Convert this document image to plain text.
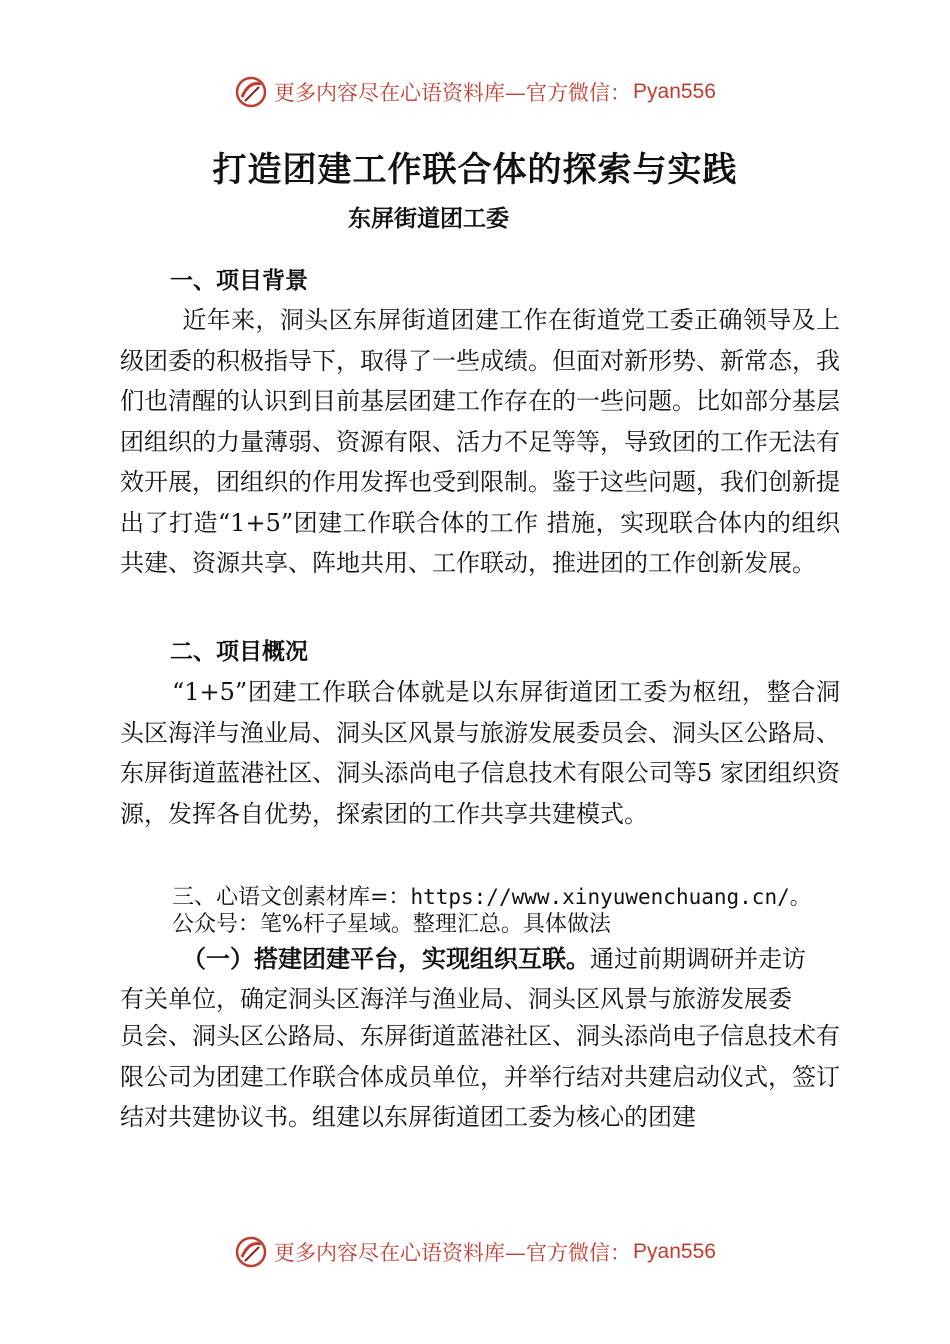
更多内容尽在心语资料库—官方微信： Pyan556
打造团建工作联合体的探索与实践
东屏街道团工委
一、项目背景

近年来，洞头区东屏街道团建工作在街道党工委正确领导及上级团委的积极指导下，取得了一些成绩。但面对新形势、新常态，我们也清醒的认识到目前基层团建工作存在的一些问题。比如部分基层团组织的力量薄弱、资源有限、活力不足等等，导致团的工作无法有效开展，团组织的作用发挥也受到限制。鉴于这些问题，我们创新提出了打造“1+5”团建工作联合体的工作 措施，实现联合体内的组织共建、资源共享、阵地共用、工作联动，推进团的工作创新发展。

二、项目概况

“1+5”团建工作联合体就是以东屏街道团工委为枢纽，整合洞头区海洋与渔业局、洞头区风景与旅游发展委员会、洞头区公路局、东屏街道蓝港社区、洞头添尚电子信息技术有限公司等5 家团组织资源，发挥各自优势，探索团的工作共享共建模式。

三、心语文创素材库=：https://www.xinyuwenchuang.cn/。
公众号：笔%杆子星域。整理汇总。具体做法

（一）搭建团建平台，实现组织互联。通过前期调研并走访

有关单位，确定洞头区海洋与渔业局、洞头区风景与旅游发展委

员会、洞头区公路局、东屏街道蓝港社区、洞头添尚电子信息技术有限公司为团建工作联合体成员单位，并举行结对共建启动仪式，签订结对共建协议书。组建以东屏街道团工委为核心的团建

更多内容尽在心语资料库—官方微信： Pyan556
